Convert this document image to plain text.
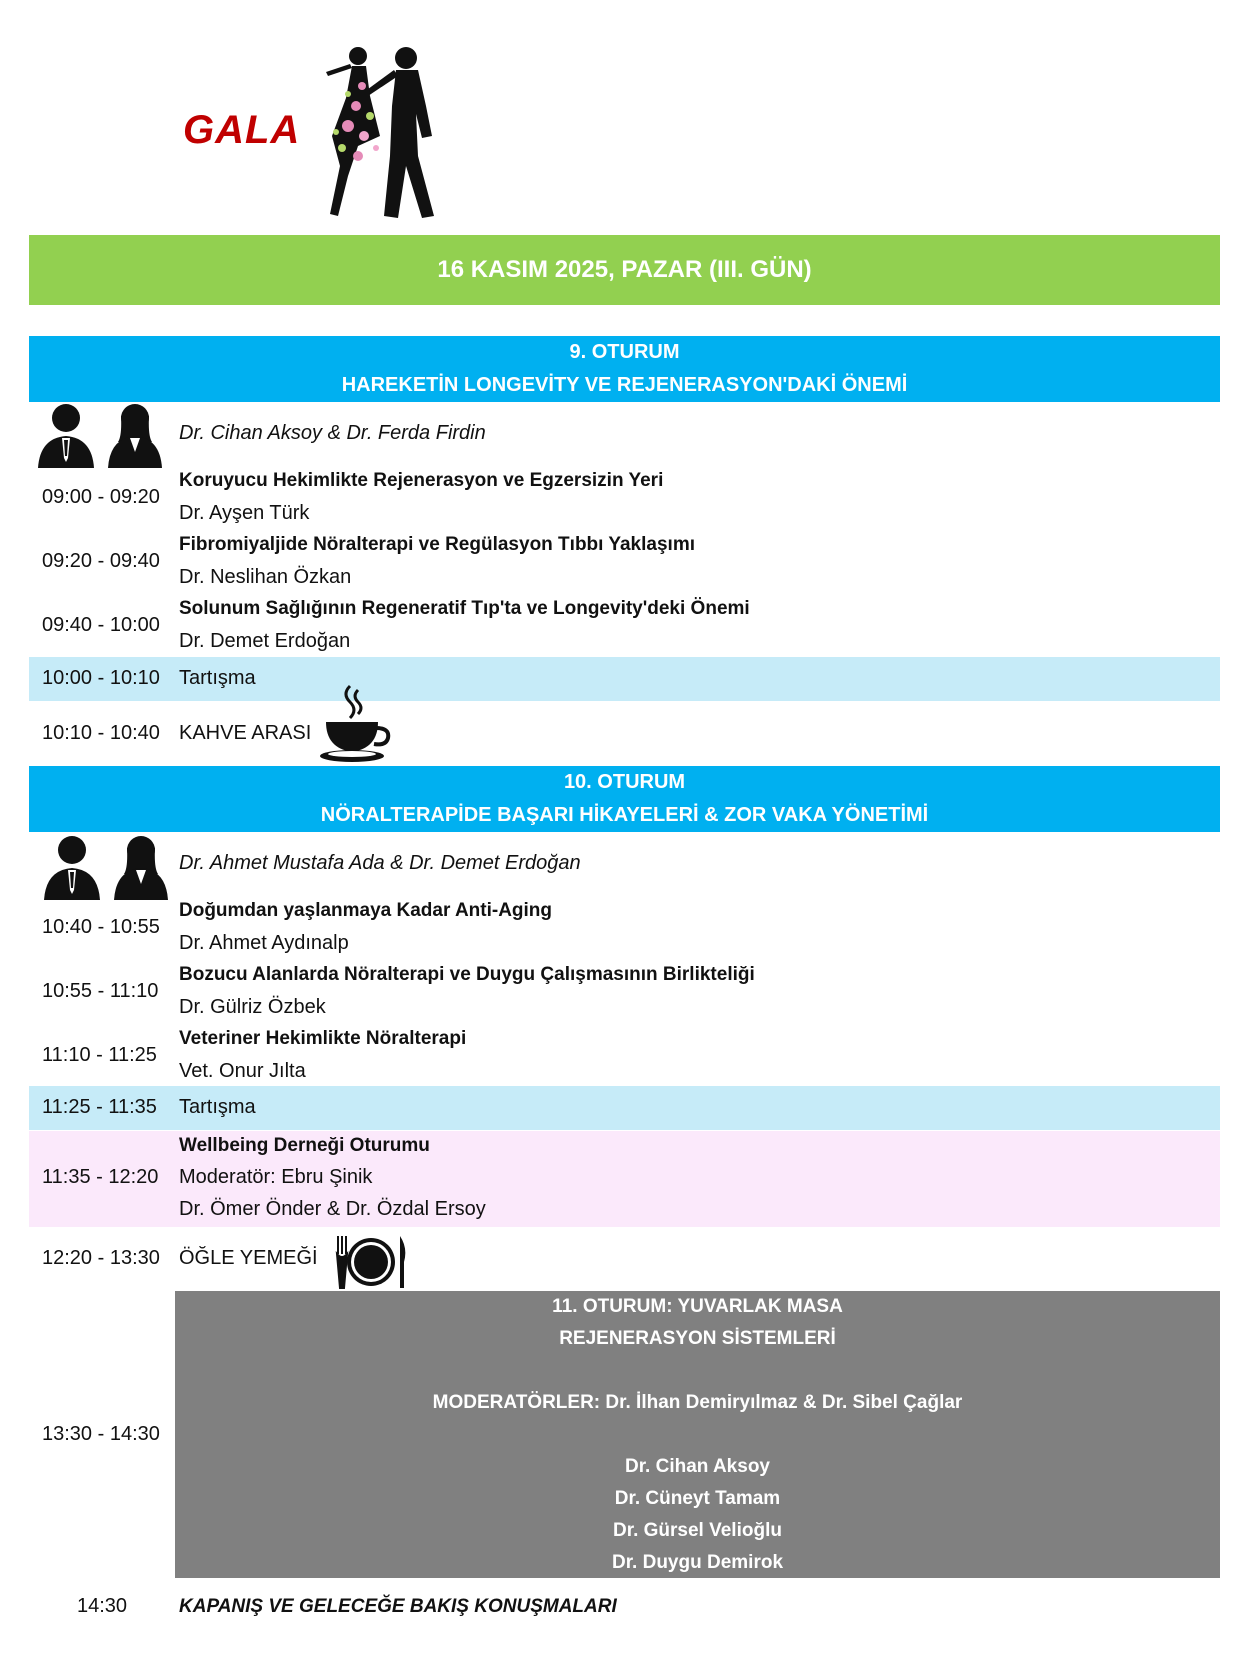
GALA
16 KASIM 2025, PAZAR (III. GÜN)
9. OTURUM
HAREKETİN LONGEVİTY VE REJENERASYON'DAKİ ÖNEMİ
Dr. Cihan Aksoy & Dr. Ferda Firdin
09:00 - 09:20
Koruyucu Hekimlikte Rejenerasyon ve Egzersizin Yeri
Dr. Ayşen Türk
09:20 - 09:40
Fibromiyaljide Nöralterapi ve Regülasyon Tıbbı Yaklaşımı
Dr. Neslihan Özkan
09:40 - 10:00
Solunum Sağlığının Regeneratif Tıp'ta ve Longevity'deki Önemi
Dr. Demet Erdoğan
10:00 - 10:10 Tartışma
10:10 - 10:40 KAHVE ARASI
10. OTURUM
NÖRALTERAPİDE BAŞARI HİKAYELERİ & ZOR VAKA YÖNETİMİ
Dr. Ahmet Mustafa Ada & Dr. Demet Erdoğan
10:40 - 10:55
Doğumdan yaşlanmaya Kadar Anti-Aging
Dr. Ahmet Aydınalp
10:55 - 11:10
Bozucu Alanlarda Nöralterapi ve Duygu Çalışmasının Birlikteliği
Dr. Gülriz Özbek
11:10 - 11:25
Veteriner Hekimlikte Nöralterapi
Vet. Onur Jılta
11:25 - 11:35 Tartışma
11:35 - 12:20
Wellbeing Derneği Oturumu
Moderatör: Ebru Şinik
Dr. Ömer Önder & Dr. Özdal Ersoy
12:20 - 13:30 ÖĞLE YEMEĞİ
13:30 - 14:30
11. OTURUM: YUVARLAK MASA
REJENERASYON SİSTEMLERİ
MODERATÖRLER: Dr. İlhan Demiryılmaz & Dr. Sibel Çağlar
Dr. Cihan Aksoy
Dr. Cüneyt Tamam
Dr. Gürsel Velioğlu
Dr. Duygu Demirok
14:30	KAPANIŞ VE GELECEĞE BAKIŞ KONUŞMALARI
